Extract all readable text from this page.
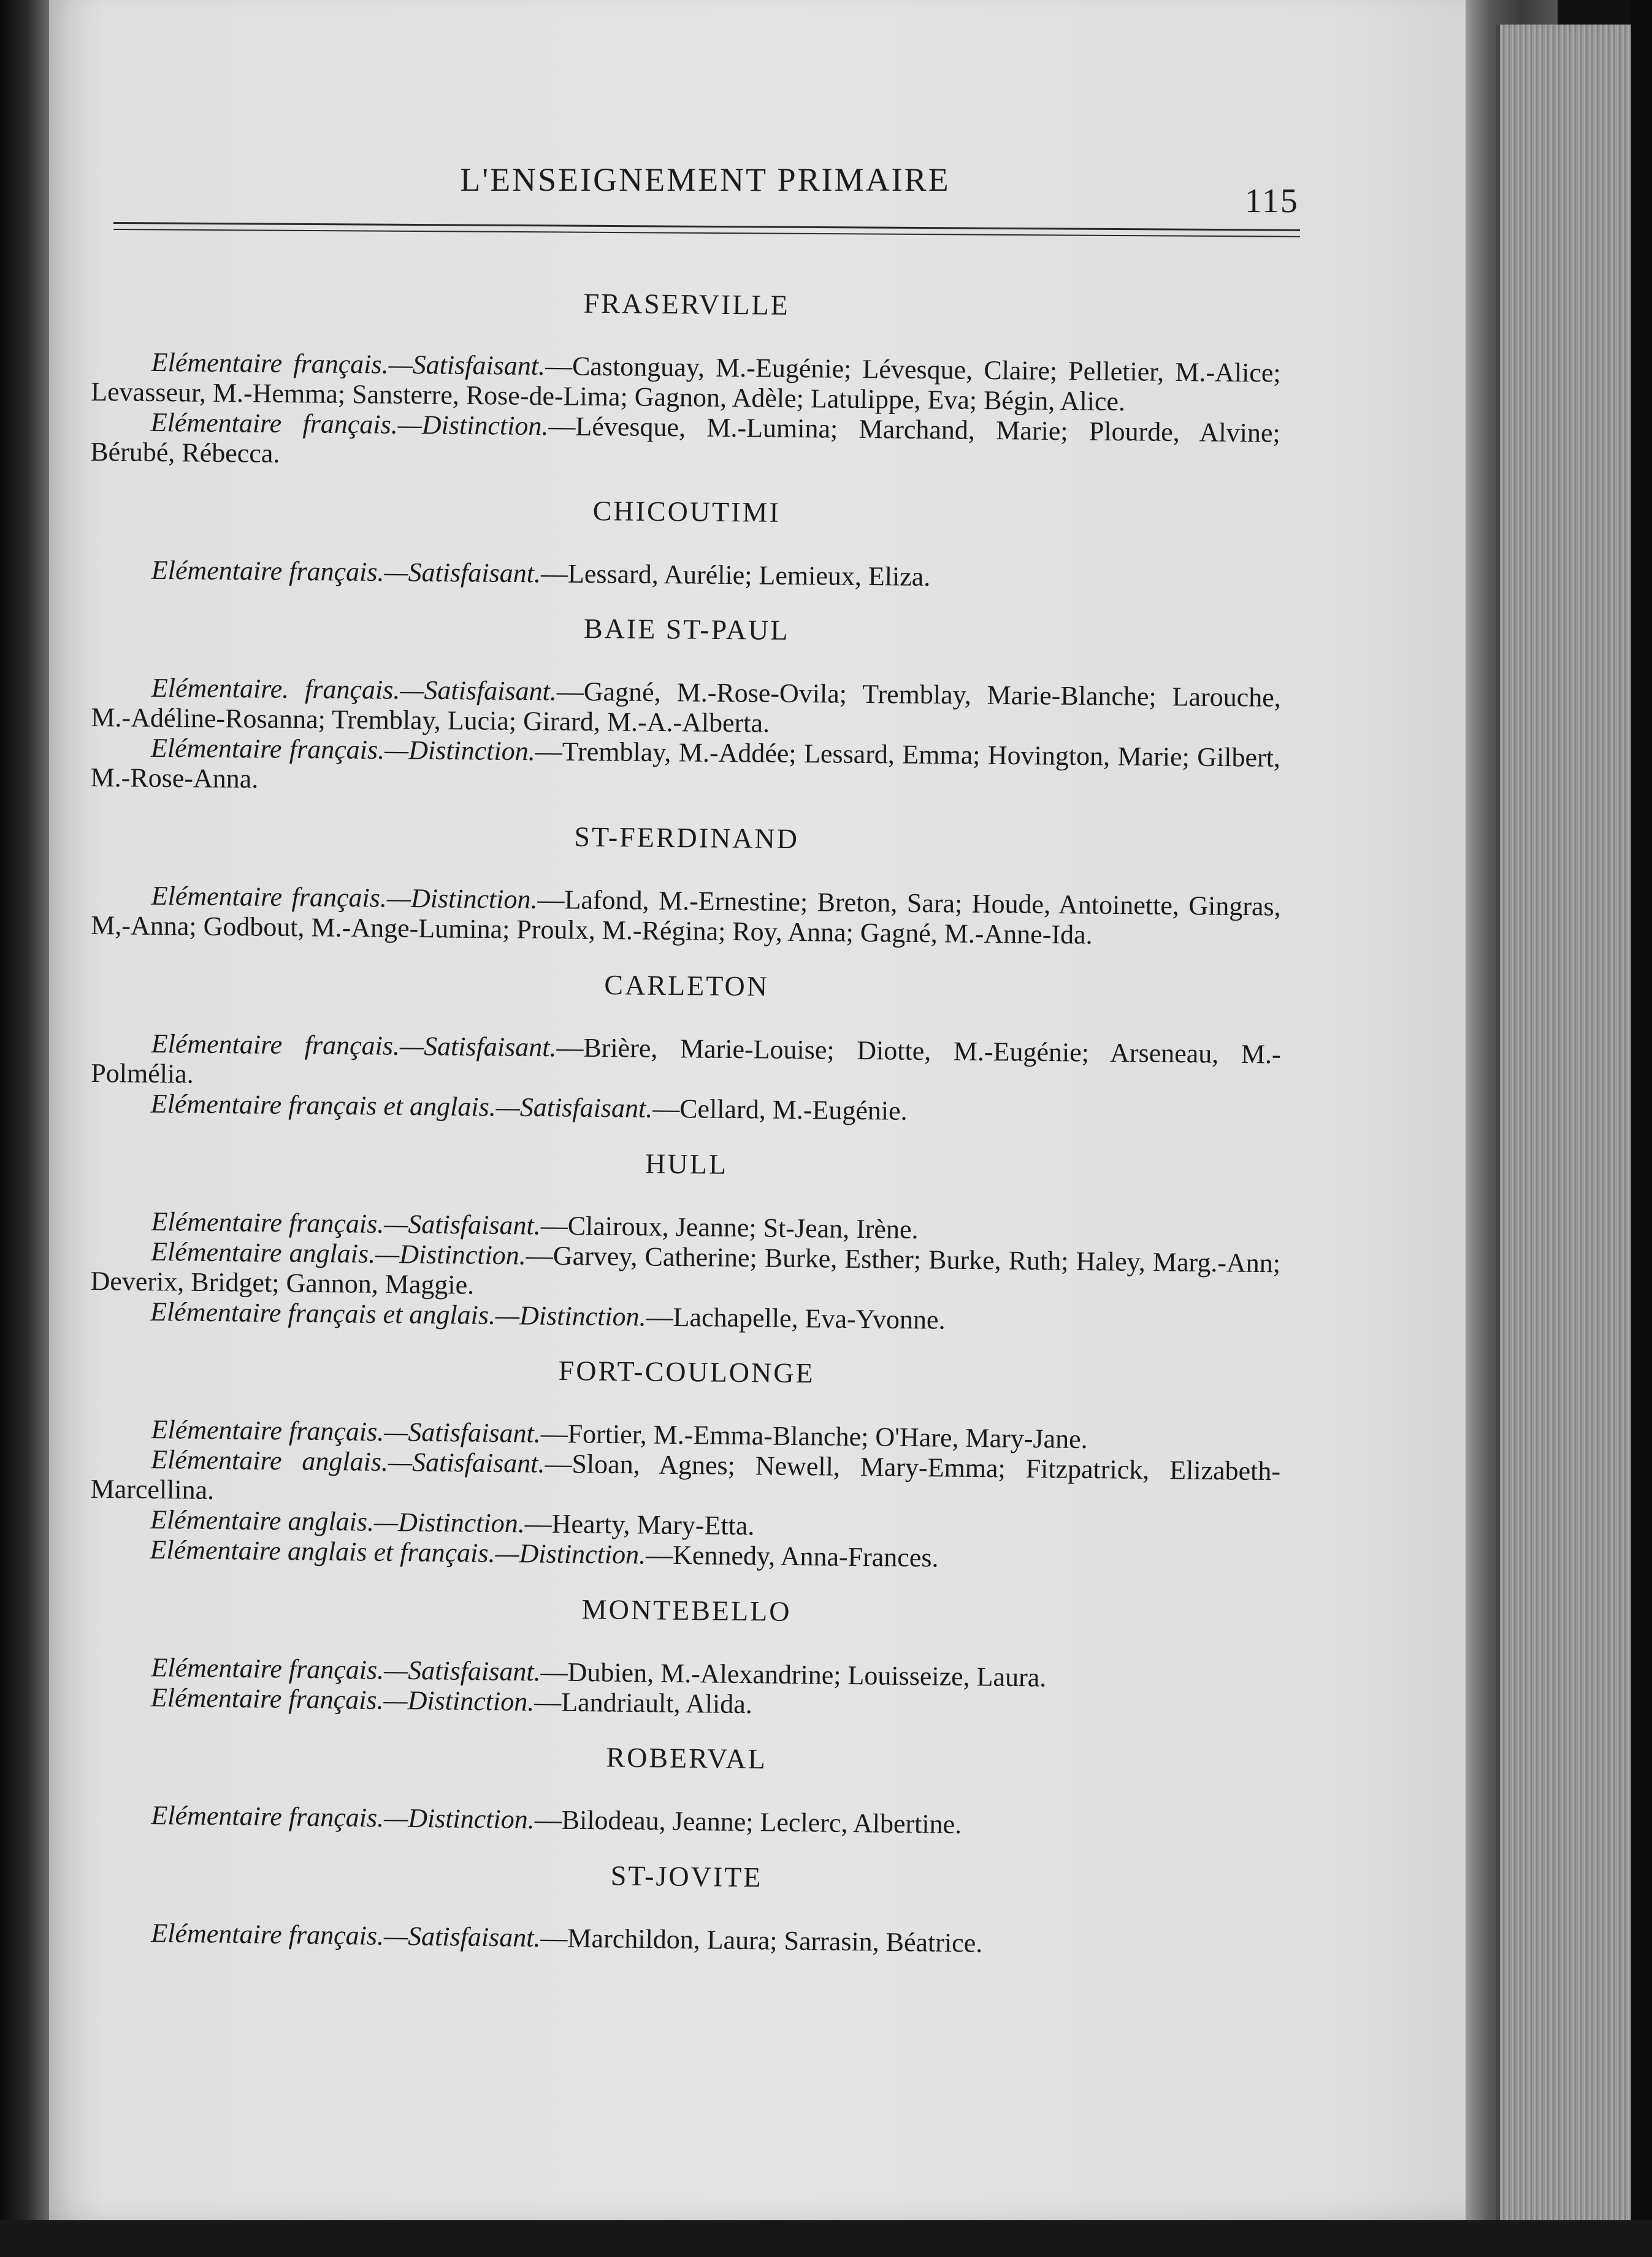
L'ENSEIGNEMENT PRIMAIRE
115
FRASERVILLE

Elémentaire français.—Satisfaisant.—Castonguay, M.-Eugénie; Lévesque, Claire; Pelletier, M.-Alice; Levasseur, M.-Hemma; Sansterre, Rose-de-Lima; Gagnon, Adèle; Latulippe, Eva; Bégin, Alice.

Elémentaire français.—Distinction.—Lévesque, M.-Lumina; Marchand, Marie; Plourde, Alvine; Bérubé, Rébecca.

CHICOUTIMI

Elémentaire français.—Satisfaisant.—Lessard, Aurélie; Lemieux, Eliza.

BAIE ST-PAUL

Elémentaire. français.—Satisfaisant.—Gagné, M.-Rose-Ovila; Tremblay, Marie-Blanche; Larouche, M.-Adéline-Rosanna; Tremblay, Lucia; Girard, M.-A.-Alberta.

Elémentaire français.—Distinction.—Tremblay, M.-Addée; Lessard, Emma; Hovington, Marie; Gilbert, M.-Rose-Anna.

ST-FERDINAND

Elémentaire français.—Distinction.—Lafond, M.-Ernestine; Breton, Sara; Houde, Antoinette, Gingras, M,-Anna; Godbout, M.-Ange-Lumina; Proulx, M.-Régina; Roy, Anna; Gagné, M.-Anne-Ida.

CARLETON

Elémentaire français.—Satisfaisant.—Brière, Marie-Louise; Diotte, M.-Eugénie; Arseneau, M.-Polmélia.

Elémentaire français et anglais.—Satisfaisant.—Cellard, M.-Eugénie.

HULL

Elémentaire français.—Satisfaisant.—Clairoux, Jeanne; St-Jean, Irène.

Elémentaire anglais.—Distinction.—Garvey, Catherine; Burke, Esther; Burke, Ruth; Haley, Marg.-Ann; Deverix, Bridget; Gannon, Maggie.

Elémentaire français et anglais.—Distinction.—Lachapelle, Eva-Yvonne.

FORT-COULONGE

Elémentaire français.—Satisfaisant.—Fortier, M.-Emma-Blanche; O'Hare, Mary-Jane.

Elémentaire anglais.—Satisfaisant.—Sloan, Agnes; Newell, Mary-Emma; Fitzpatrick, Elizabeth-Marcellina.

Elémentaire anglais.—Distinction.—Hearty, Mary-Etta.

Elémentaire anglais et français.—Distinction.—Kennedy, Anna-Frances.

MONTEBELLO

Elémentaire français.—Satisfaisant.—Dubien, M.-Alexandrine; Louisseize, Laura.

Elémentaire français.—Distinction.—Landriault, Alida.

ROBERVAL

Elémentaire français.—Distinction.—Bilodeau, Jeanne; Leclerc, Albertine.

ST-JOVITE

Elémentaire français.—Satisfaisant.—Marchildon, Laura; Sarrasin, Béatrice.
